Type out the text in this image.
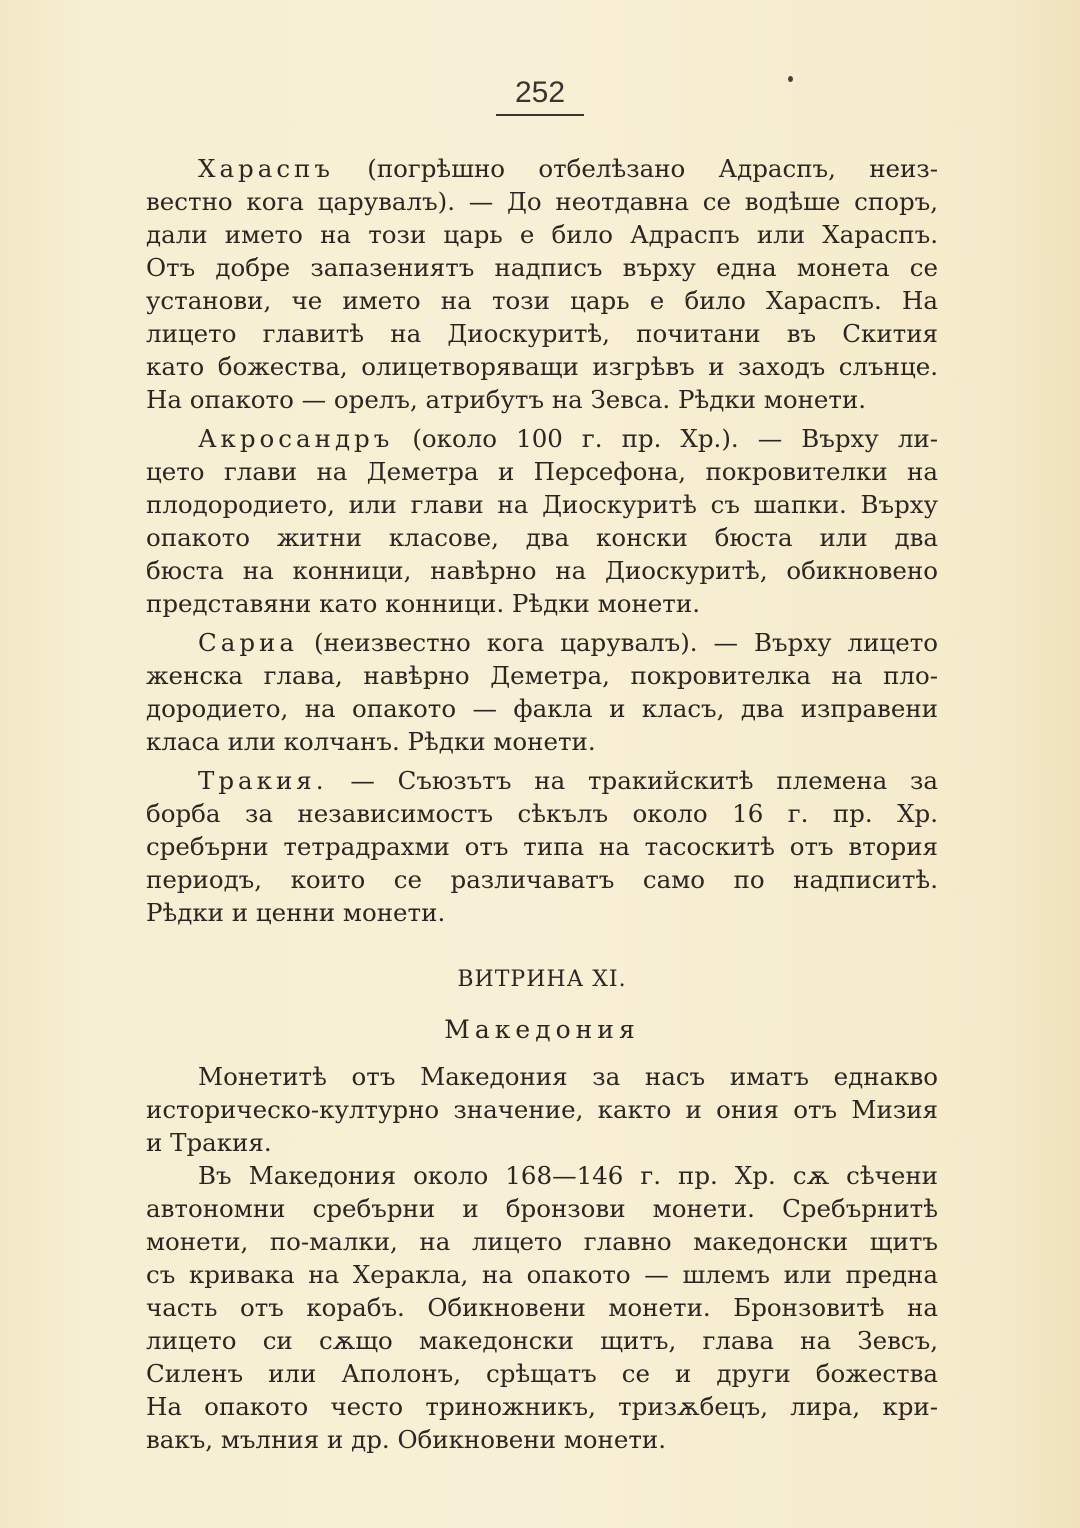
252
Хараспъ (погрѣшно отбелѣзано Адраспъ, неиз-
вестно кога царувалъ). — До неотдавна се водѣше споръ,
дали името на този царь е било Адраспъ или Хараспъ.
Отъ добре запазениятъ надписъ върху една монета се
установи, че името на този царь е било Хараспъ. На
лицето главитѣ на Диоскуритѣ, почитани въ Скития
като божества, олицетворяващи изгрѣвъ и заходъ слънце.
На опакото — орелъ, атрибутъ на Зевса. Рѣдки монети.
Акросандръ (около 100 г. пр. Хр.). — Върху ли-
цето глави на Деметра и Персефона, покровителки на
плодородието, или глави на Диоскуритѣ съ шапки. Върху
опакото житни класове, два конски бюста или два
бюста на конници, навѣрно на Диоскуритѣ, обикновено
представяни като конници. Рѣдки монети.
Сариа (неизвестно кога царувалъ). — Върху лицето
женска глава, навѣрно Деметра, покровителка на пло-
дородието, на опакото — факла и класъ, два изправени
класа или колчанъ. Рѣдки монети.
Тракия. — Съюзътъ на тракийскитѣ племена за
борба за независимостъ сѣкълъ около 16 г. пр. Хр.
сребърни тетрадрахми отъ типа на тасоскитѣ отъ втория
периодъ, които се различаватъ само по надписитѣ.
Рѣдки и ценни монети.
ВИТРИНА XI.
Македония
Монетитѣ отъ Македония за насъ иматъ еднакво
историческо-културно значение, както и ония отъ Мизия
и Тракия.
Въ Македония около 168—146 г. пр. Хр. сѫ сѣчени
автономни сребърни и бронзови монети. Сребърнитѣ
монети, по-малки, на лицето главно македонски щитъ
съ кривака на Херакла, на опакото — шлемъ или предна
часть отъ корабъ. Обикновени монети. Бронзовитѣ на
лицето си сѫщо македонски щитъ, глава на Зевсъ,
Силенъ или Аполонъ, срѣщатъ се и други божества
На опакото често триножникъ, тризѫбецъ, лира, кри-
вакъ, мълния и др. Обикновени монети.
